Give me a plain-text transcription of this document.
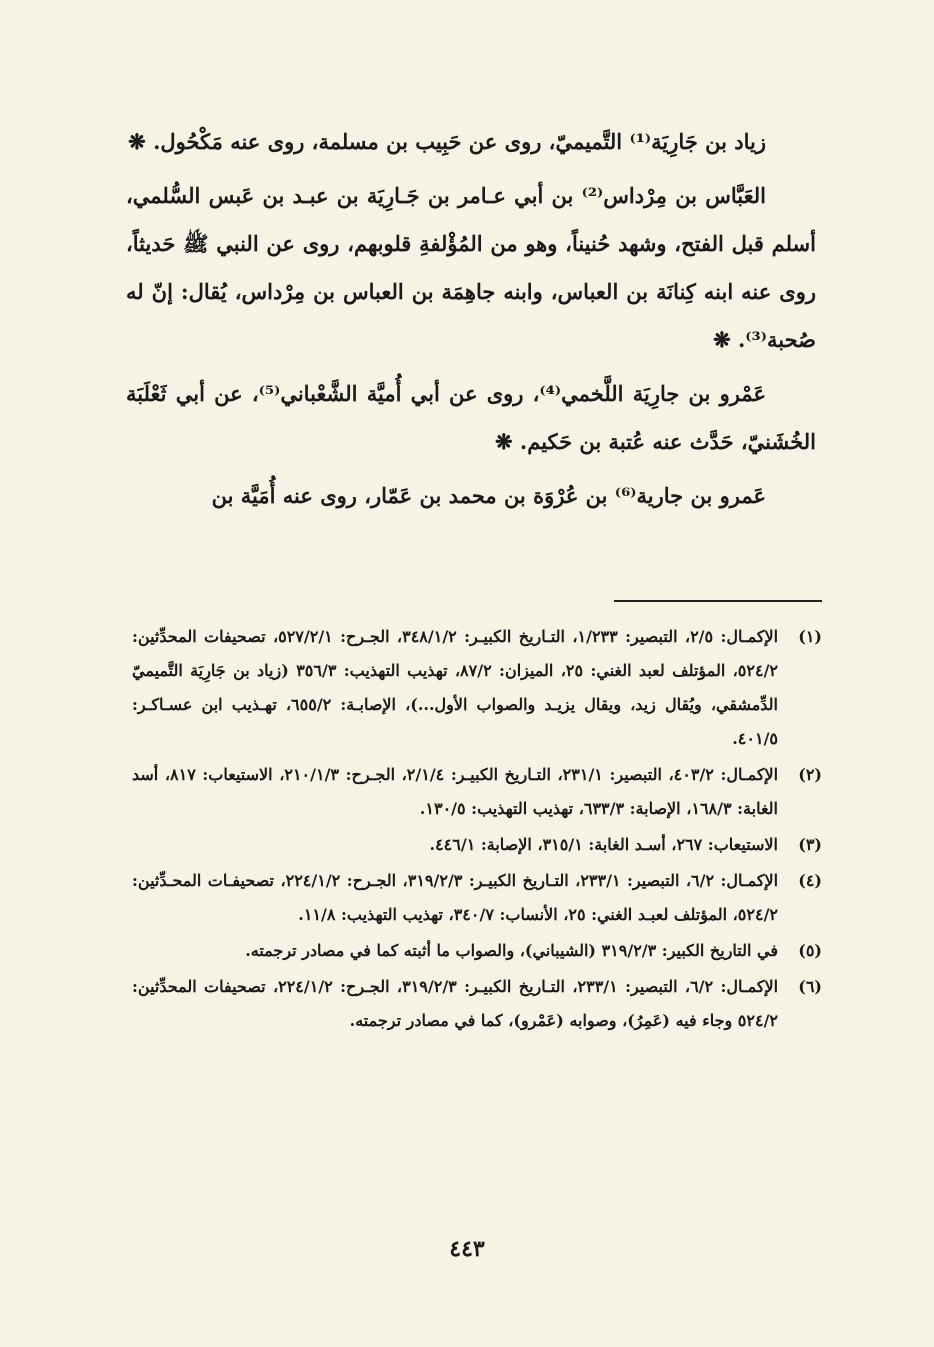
زياد بن جَارِيَة⁽¹⁾ التَّميميّ، روى عن حَبِيب بن مسلمة، روى عنه مَكْحُول. ❋

العَبَّاس بن مِرْداس⁽²⁾ بن أبي عـامر بن جَـارِيَة بن عبـد بن عَبس السُّلمي، أسلم قبل الفتح، وشهد حُنيناً، وهو من المُؤْلفةِ قلوبهم، روى عن النبي ﷺ حَديثاً، روى عنه ابنه كِنانَة بن العباس، وابنه جاهِمَة بن العباس بن مِرْداس، يُقال: إنّ له صُحبة⁽³⁾. ❋

عَمْرو بن جارِيَة اللَّخمي⁽⁴⁾، روى عن أبي أُميَّة الشَّعْباني⁽⁵⁾، عن أبي ثَعْلَبَة الخُشَنيّ، حَدَّث عنه عُتبة بن حَكيم. ❋

عَمرو بن جارية⁽⁶⁾ بن عُرْوَة بن محمد بن عَمّار، روى عنه أُمَيَّة بن

(١)
الإكمـال: ٢/٥، التبصير: ١/٢٣٣، التـاريخ الكبيـر: ٣٤٨/١/٢، الجـرح: ٥٢٧/٢/١، تصحيفات المحدِّثين: ٥٢٤/٢، المؤتلف لعبد الغني: ٢٥، الميزان: ٨٧/٢، تهذيب التهذيب: ٣٥٦/٣ (زياد بن جَارِيَة التَّميميّ الدِّمشقي، ويُقال زيد، ويقال يزيـد والصواب الأول...)، الإصابـة: ٦٥٥/٢، تهـذيب ابن عسـاكـر: ٤٠١/٥.
(٢)
الإكمـال: ٤٠٣/٢، التبصير: ٢٣١/١، التـاريخ الكبيـر: ٢/١/٤، الجـرح: ٢١٠/١/٣، الاستيعاب: ٨١٧، أسد الغابة: ١٦٨/٣، الإصابة: ٦٣٣/٣، تهذيب التهذيب: ١٣٠/٥.
(٣)
الاستيعاب: ٢٦٧، أسـد الغابة: ٣١٥/١، الإصابة: ٤٤٦/١.
(٤)
الإكمـال: ٦/٢، التبصير: ٢٣٣/١، التـاريخ الكبيـر: ٣١٩/٢/٣، الجـرح: ٢٢٤/١/٢، تصحيفـات المحـدِّثين: ٥٢٤/٢، المؤتلف لعبـد الغني: ٢٥، الأنساب: ٣٤٠/٧، تهذيب التهذيب: ١١/٨.
(٥)
في التاريخ الكبير: ٣١٩/٢/٣ (الشيباني)، والصواب ما أثبته كما في مصادر ترجمته.
(٦)
الإكمـال: ٦/٢، التبصير: ٢٣٣/١، التـاريخ الكبيـر: ٣١٩/٢/٣، الجـرح: ٢٢٤/١/٢، تصحيفات المحدِّثين: ٥٢٤/٢ وجاء فيه (عَمِرُ)، وصوابه (عَمْرو)، كما في مصادر ترجمته.
٤٤٣
